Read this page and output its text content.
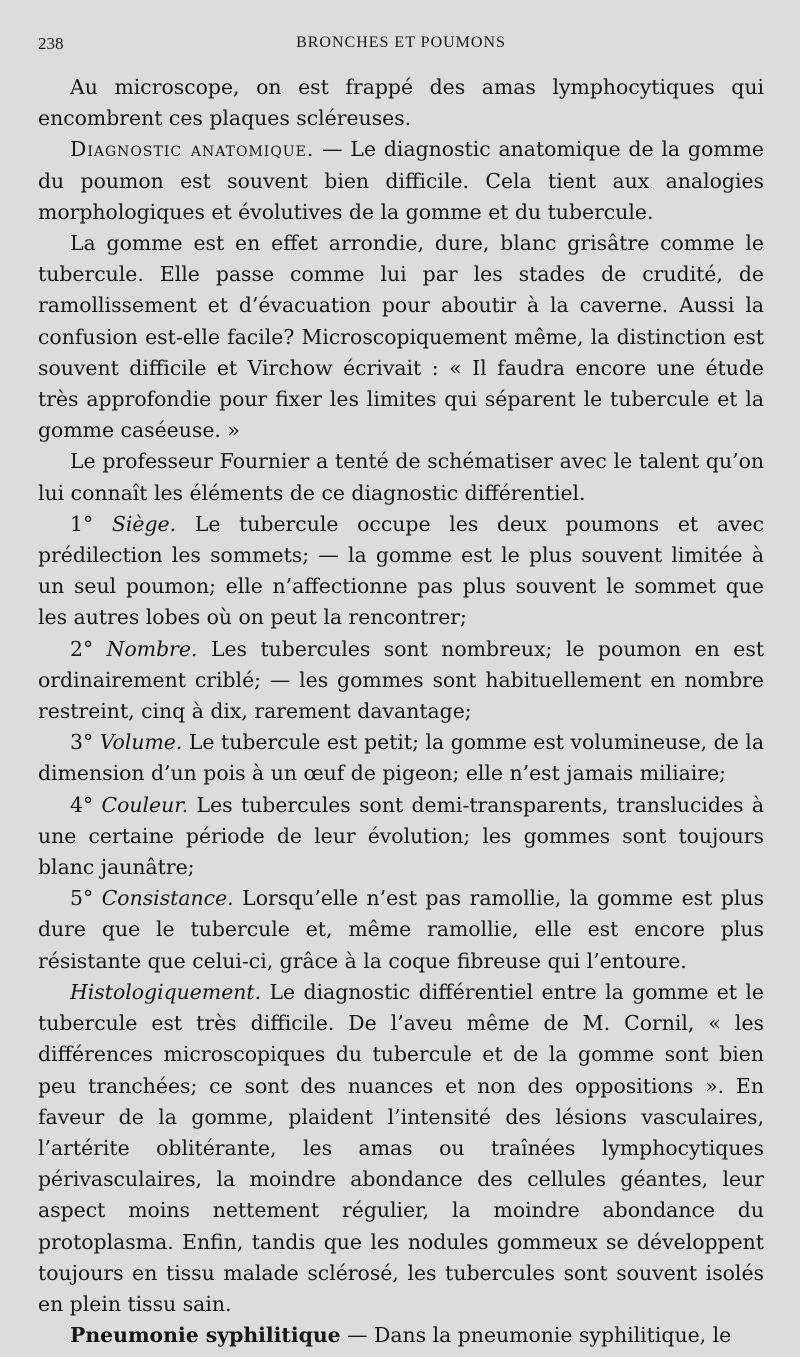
238	BRONCHES ET POUMONS

Au microscope, on est frappé des amas lymphocytiques qui encombrent ces plaques scléreuses.

Diagnostic anatomique. — Le diagnostic anatomique de la gomme du poumon est souvent bien difficile. Cela tient aux analogies morphologiques et évolutives de la gomme et du tubercule.

La gomme est en effet arrondie, dure, blanc grisâtre comme le tubercule. Elle passe comme lui par les stades de crudité, de ramollissement et d’évacuation pour aboutir à la caverne. Aussi la confusion est-elle facile? Microscopiquement même, la distinction est souvent difficile et Virchow écrivait : « Il faudra encore une étude très approfondie pour fixer les limites qui séparent le tubercule et la gomme caséeuse. »

Le professeur Fournier a tenté de schématiser avec le talent qu’on lui connaît les éléments de ce diagnostic différentiel.

1° Siège. Le tubercule occupe les deux poumons et avec prédilection les sommets; — la gomme est le plus souvent limitée à un seul poumon; elle n’affectionne pas plus souvent le sommet que les autres lobes où on peut la rencontrer;

2° Nombre. Les tubercules sont nombreux; le poumon en est ordinairement criblé; — les gommes sont habituellement en nombre restreint, cinq à dix, rarement davantage;

3° Volume. Le tubercule est petit; la gomme est volumineuse, de la dimension d’un pois à un œuf de pigeon; elle n’est jamais miliaire;

4° Couleur. Les tubercules sont demi-transparents, translucides à une certaine période de leur évolution; les gommes sont toujours blanc jaunâtre;

5° Consistance. Lorsqu’elle n’est pas ramollie, la gomme est plus dure que le tubercule et, même ramollie, elle est encore plus résistante que celui-ci, grâce à la coque fibreuse qui l’entoure.

Histologiquement. Le diagnostic différentiel entre la gomme et le tubercule est très difficile. De l’aveu même de M. Cornil, « les différences microscopiques du tubercule et de la gomme sont bien peu tranchées; ce sont des nuances et non des oppositions ». En faveur de la gomme, plaident l’intensité des lésions vasculaires, l’artérite oblitérante, les amas ou traînées lymphocytiques périvasculaires, la moindre abondance des cellules géantes, leur aspect moins nettement régulier, la moindre abondance du protoplasma. Enfin, tandis que les nodules gommeux se développent toujours en tissu malade sclérosé, les tubercules sont souvent isolés en plein tissu sain.

Pneumonie syphilitique — Dans la pneumonie syphilitique, le
